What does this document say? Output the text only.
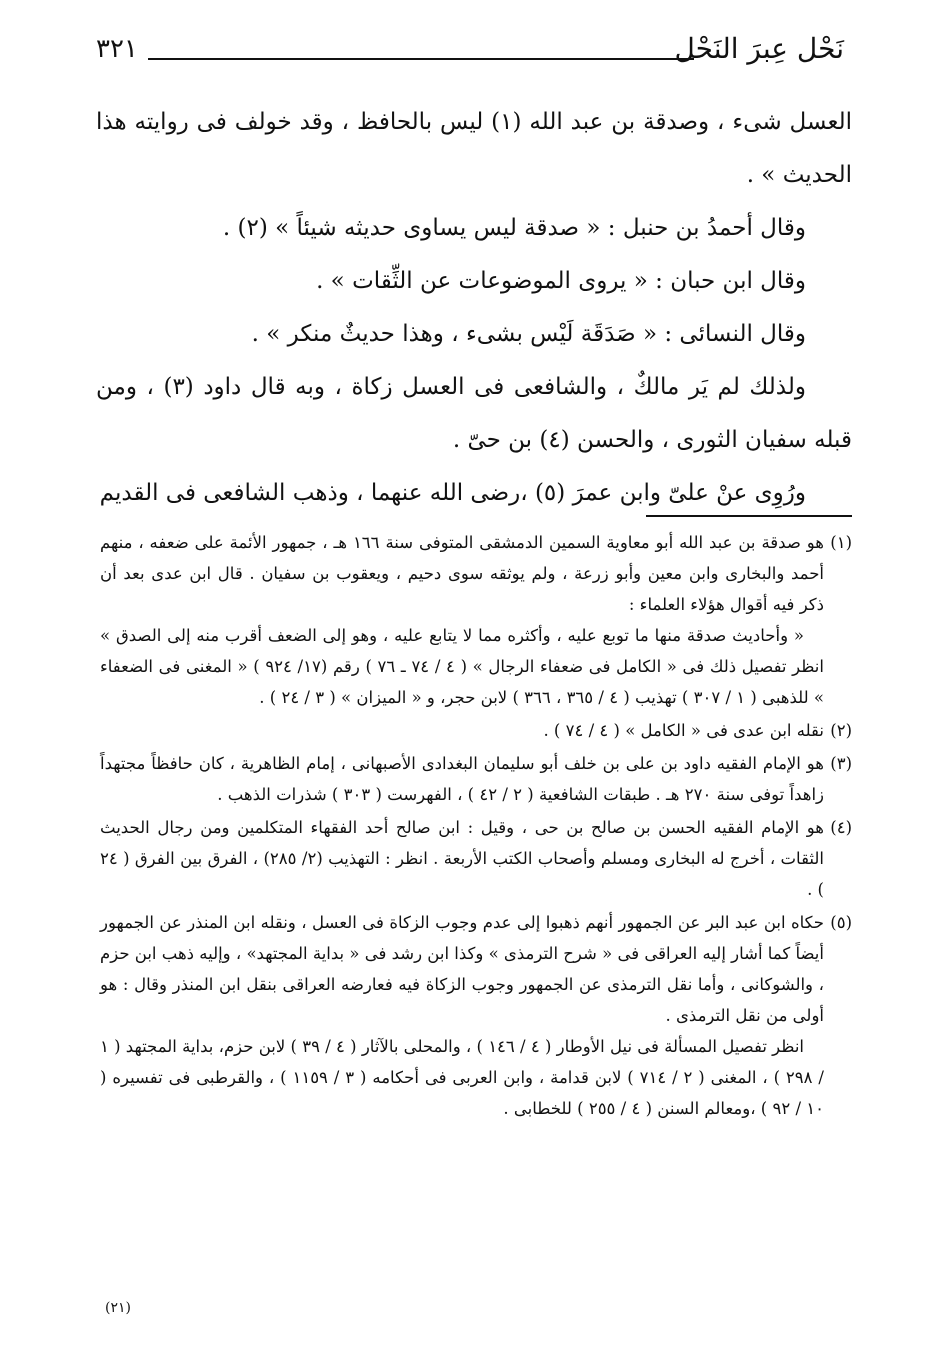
نَحْل عِبرَ النَحْل
٣٢١

العسل شىء ، وصدقة بن عبد الله (١) ليس بالحافظ ، وقد خولف فى روايته هذا الحديث » .

وقال أحمدُ بن حنبل : « صدقة ليس يساوى حديثه شيئاً » (٢) .

وقال ابن حبان : « يروى الموضوعات عن الثِّقات » .

وقال النسائى : « صَدَقَة لَيْس بشىء ، وهذا حديثٌ منكر » .

ولذلك لم يَر مالكٌ ، والشافعى فى العسل زكاة ، وبه قال داود (٣) ، ومن قبله سفيان الثورى ، والحسن (٤) بن حىّ .

ورُوِى عنْ علىّ وابن عمرَ (٥) ،رضى الله عنهما ، وذهب الشافعى فى القديم

(١)

هو صدقة بن عبد الله أبو معاوية السمين الدمشقى المتوفى سنة ١٦٦ هـ ، جمهور الأئمة على ضعفه ، منهم أحمد والبخارى وابن معين وأبو زرعة ، ولم يوثقه سوى دحيم ، ويعقوب بن سفيان . قال ابن عدى بعد أن ذكر فيه أقوال هؤلاء العلماء :

« وأحاديث صدقة منها ما توبع عليه ، وأكثره مما لا يتابع عليه ، وهو إلى الضعف أقرب منه إلى الصدق » انظر تفصيل ذلك فى « الكامل فى ضعفاء الرجال » ( ٤ / ٧٤ ـ ٧٦ ) رقم (١٧/ ٩٢٤ ) « المغنى فى الضعفاء » للذهبى ( ١ / ٣٠٧ ) تهذيب ( ٤ / ٣٦٥ ، ٣٦٦ ) لابن حجر، و « الميزان » ( ٣ / ٢٤ ) .

(٢)

نقله ابن عدى فى « الكامل » ( ٤ / ٧٤ ) .

(٣)

هو الإمام الفقيه داود بن على بن خلف أبو سليمان البغدادى الأصبهانى ، إمام الظاهرية ، كان حافظاً مجتهداً زاهداً توفى سنة ٢٧٠ هـ . طبقات الشافعية ( ٢ / ٤٢ ) ، الفهرست ( ٣٠٣ ) شذرات الذهب .

(٤)

هو الإمام الفقيه الحسن بن صالح بن حى ، وقيل : ابن صالح أحد الفقهاء المتكلمين ومن رجال الحديث الثقات ، أخرج له البخارى ومسلم وأصحاب الكتب الأربعة . انظر : التهذيب (٢/ ٢٨٥) ، الفرق بين الفرق ( ٢٤ ) .

(٥)

حكاه ابن عبد البر عن الجمهور أنهم ذهبوا إلى عدم وجوب الزكاة فى العسل ، ونقله ابن المنذر عن الجمهور أيضاً كما أشار إليه العراقى فى « شرح الترمذى » وكذا ابن رشد فى « بداية المجتهد» ، وإليه ذهب ابن حزم ، والشوكانى ، وأما نقل الترمذى عن الجمهور وجوب الزكاة فيه فعارضه العراقى بنقل ابن المنذر وقال : هو أولى من نقل الترمذى .

انظر تفصيل المسألة فى نيل الأوطار ( ٤ / ١٤٦ ) ، والمحلى بالآثار ( ٤ / ٣٩ ) لابن حزم، بداية المجتهد ( ١ / ٢٩٨ ) ، المغنى ( ٢ / ٧١٤ ) لابن قدامة ، وابن العربى فى أحكامه ( ٣ / ١١٥٩ ) ، والقرطبى فى تفسيره ( ١٠ / ٩٢ ) ،ومعالم السنن ( ٤ / ٢٥٥ ) للخطابى .

(٢١)
